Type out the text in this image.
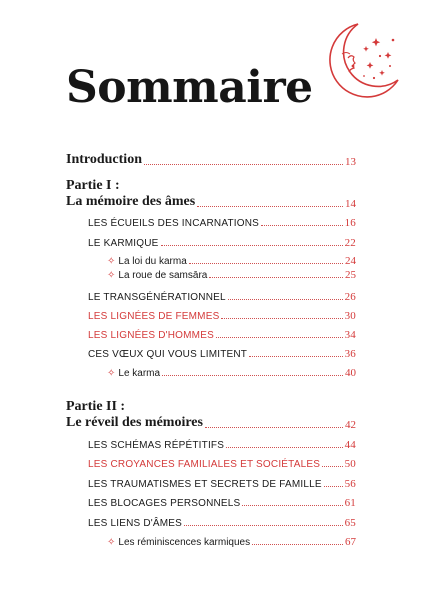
Sommaire
Introduction	13
Partie I :
La mémoire des âmes	14
LES ÉCUEILS DES INCARNATIONS	16
LE KARMIQUE	22
✧ La loi du karma	24
✧ La roue de samsāra	25
LE TRANSGÉNÉRATIONNEL	26
LES LIGNÉES DE FEMMES	30
LES LIGNÉES D'HOMMES	34
CES VŒUX QUI VOUS LIMITENT	36
✧ Le karma	40
Partie II :
Le réveil des mémoires	42
LES SCHÉMAS RÉPÉTITIFS	44
LES CROYANCES FAMILIALES ET SOCIÉTALES 50
LES TRAUMATISMES ET SECRETS DE FAMILLE 56
LES BLOCAGES PERSONNELS	61
LES LIENS D'ÂMES	65
✧ Les réminiscences karmiques	67
